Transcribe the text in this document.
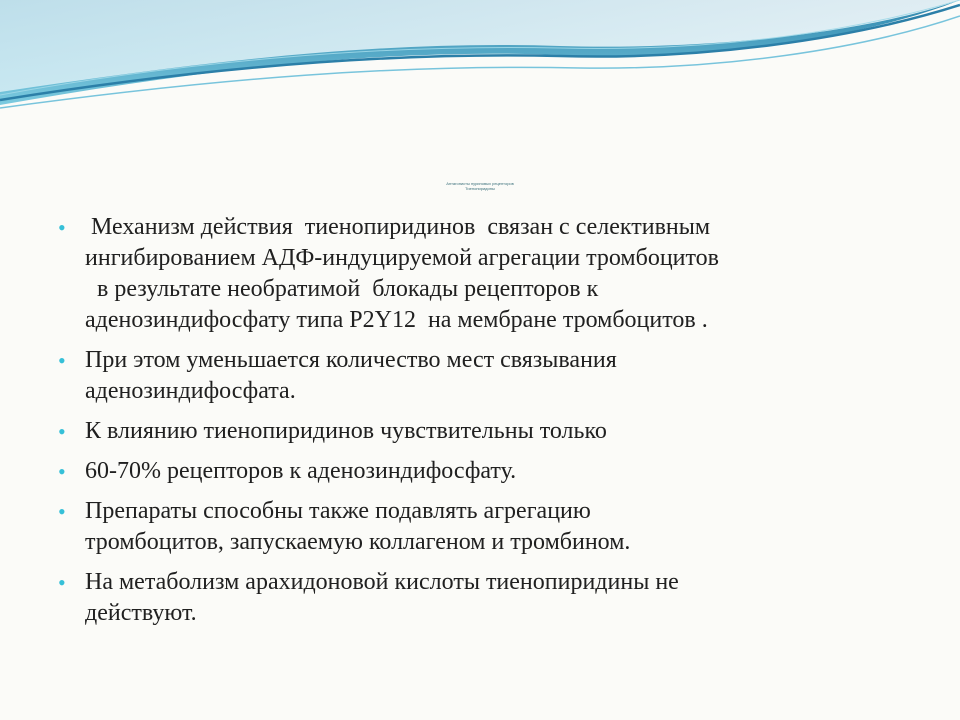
Антагонисты пуриновых рецепторов
Тиенопиридины
• Механизм действия  тиенопиридинов  связан с селективным
ингибированием АДФ-индуцируемой агрегации тромбоцитов
в результате необратимой  блокады рецепторов к
аденозиндифосфату типа P2Y12  на мембране тромбоцитов .
• При этом уменьшается количество мест связывания
аденозиндифосфата.
• К влиянию тиенопиридинов чувствительны только
• 60-70% рецепторов к аденозиндифосфату.
• Препараты способны также подавлять агрегацию
тромбоцитов, запускаемую коллагеном и тромбином.
• На метаболизм арахидоновой кислоты тиенопиридины не
действуют.
